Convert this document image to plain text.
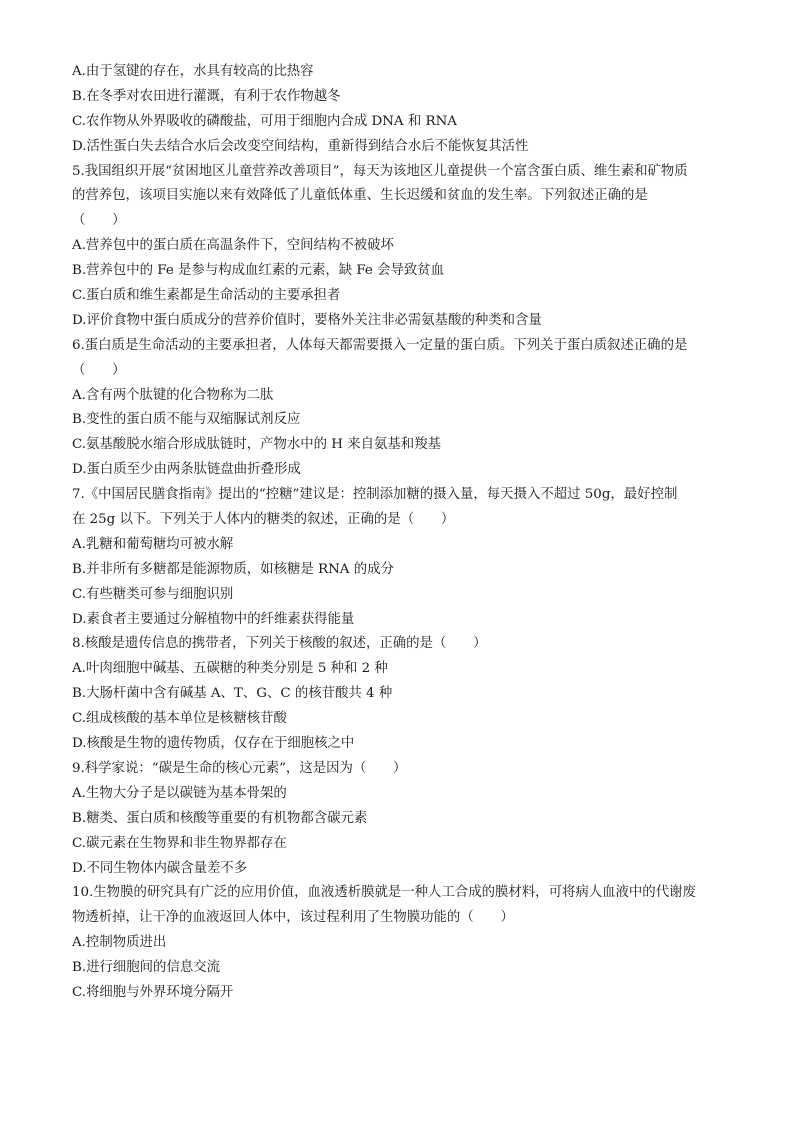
A.由于氢键的存在，水具有较高的比热容
B.在冬季对农田进行灌溉，有利于农作物越冬
C.农作物从外界吸收的磷酸盐，可用于细胞内合成 DNA 和 RNA
D.活性蛋白失去结合水后会改变空间结构，重新得到结合水后不能恢复其活性
5.我国组织开展“贫困地区儿童营养改善项目”，每天为该地区儿童提供一个富含蛋白质、维生素和矿物质
的营养包，该项目实施以来有效降低了儿童低体重、生长迟缓和贫血的发生率。下列叙述正确的是
（　　）
A.营养包中的蛋白质在高温条件下，空间结构不被破坏
B.营养包中的 Fe 是参与构成血红素的元素，缺 Fe 会导致贫血
C.蛋白质和维生素都是生命活动的主要承担者
D.评价食物中蛋白质成分的营养价值时，要格外关注非必需氨基酸的种类和含量
6.蛋白质是生命活动的主要承担者，人体每天都需要摄入一定量的蛋白质。下列关于蛋白质叙述正确的是
（　　）
A.含有两个肽键的化合物称为二肽
B.变性的蛋白质不能与双缩脲试剂反应
C.氨基酸脱水缩合形成肽链时，产物水中的 H 来自氨基和羧基
D.蛋白质至少由两条肽链盘曲折叠形成
7.《中国居民膳食指南》提出的“控糖”建议是：控制添加糖的摄入量，每天摄入不超过 50g，最好控制
在 25g 以下。下列关于人体内的糖类的叙述，正确的是（　　）
A.乳糖和葡萄糖均可被水解
B.并非所有多糖都是能源物质，如核糖是 RNA 的成分
C.有些糖类可参与细胞识别
D.素食者主要通过分解植物中的纤维素获得能量
8.核酸是遗传信息的携带者，下列关于核酸的叙述，正确的是（　　）
A.叶肉细胞中碱基、五碳糖的种类分别是 5 种和 2 种
B.大肠杆菌中含有碱基 A、T、G、C 的核苷酸共 4 种
C.组成核酸的基本单位是核糖核苷酸
D.核酸是生物的遗传物质，仅存在于细胞核之中
9.科学家说：“碳是生命的核心元素”，这是因为（　　）
A.生物大分子是以碳链为基本骨架的
B.糖类、蛋白质和核酸等重要的有机物都含碳元素
C.碳元素在生物界和非生物界都存在
D.不同生物体内碳含量差不多
10.生物膜的研究具有广泛的应用价值，血液透析膜就是一种人工合成的膜材料，可将病人血液中的代谢废
物透析掉，让干净的血液返回人体中，该过程利用了生物膜功能的（　　）
A.控制物质进出
B.进行细胞间的信息交流
C.将细胞与外界环境分隔开
